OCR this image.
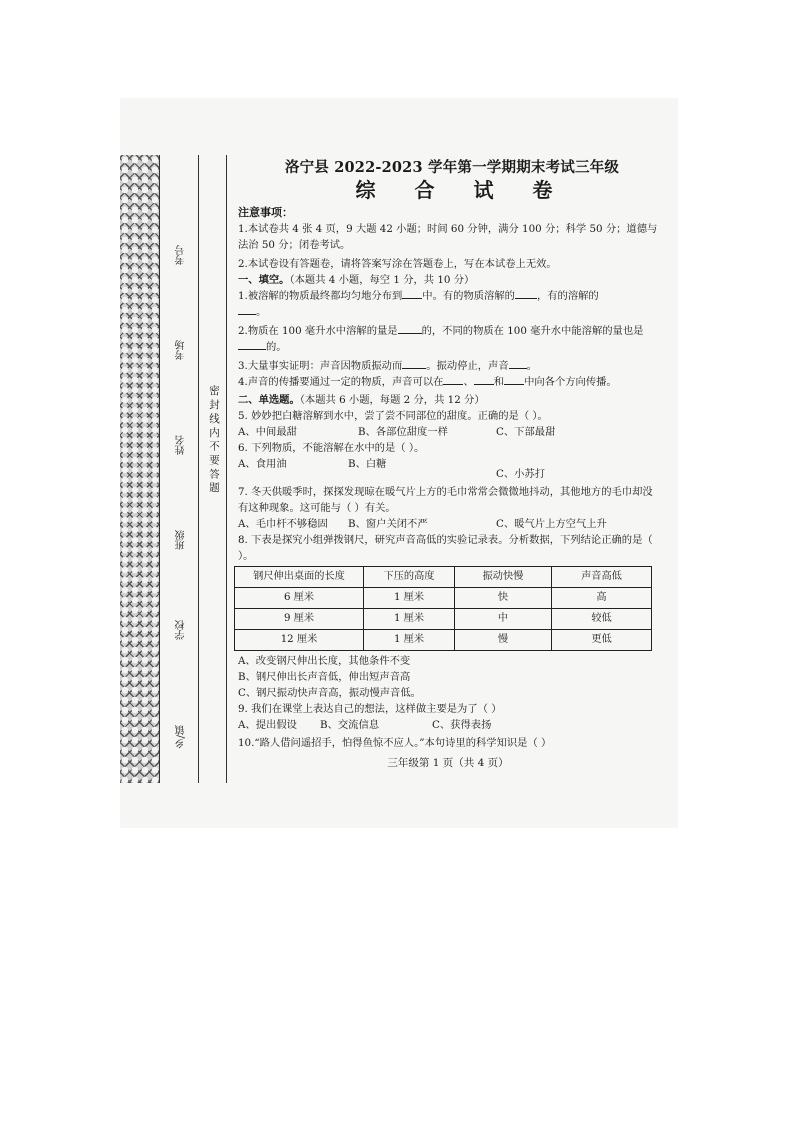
考号
考场
姓名
班级
学校
乡/镇
密 封 线 内 不 要 答 题
洛宁县 2022-2023 学年第一学期期末考试三年级
综 合 试 卷

注意事项：

1.本试卷共 4 张 4 页，9 大题 42 小题；时间 60 分钟，满分 100 分；科学 50 分；道德与法治 50 分；闭卷考试。

2.本试卷设有答题卷，请将答案写涂在答题卷上，写在本试卷上无效。

一、填空。（本题共 4 小题，每空 1 分，共 10 分）

1.被溶解的物质最终都均匀地分布到 中。有的物质溶解的 ，有的溶解的
。

2.物质在 100 毫升水中溶解的量是 的，不同的物质在 100 毫升水中能溶解的量也是的。

3.大量事实证明：声音因物质振动而 。振动停止，声音 。

4.声音的传播要通过一定的物质，声音可以在 、 和 中向各个方向传播。

二、单选题。（本题共 6 小题，每题 2 分，共 12 分）

5. 妙妙把白糖溶解到水中，尝了尝不同部位的甜度。正确的是（ ）。

A、中间最甜	B、各部位甜度一样	C、下部最甜

6. 下列物质，不能溶解在水中的是（ ）。

A、食用油	B、白糖
C、小苏打

7. 冬天供暖季时，探探发现晾在暖气片上方的毛巾常常会微微地抖动，其他地方的毛巾却没有这种现象。这可能与（ ）有关。

A、毛巾杆不够稳固	B、窗户关闭不严	C、暖气片上方空气上升

8. 下表是探究小组弹拨钢尺，研究声音高低的实验记录表。分析数据，下列结论正确的是（ ）。

钢尺伸出桌面的长度	下压的高度	振动快慢	声音高低
6 厘米	1 厘米	快	高
9 厘米	1 厘米	中	较低
12 厘米	1 厘米	慢	更低

A、改变钢尺伸出长度，其他条件不变

B、钢尺伸出长声音低，伸出短声音高

C、钢尺振动快声音高，振动慢声音低。

9. 我们在课堂上表达自己的想法，这样做主要是为了（ ）

A、提出假设	B、交流信息	C、获得表扬

10.“路人借问遥招手，怕得鱼惊不应人。”本句诗里的科学知识是（ ）

三年级第 1 页（共 4 页）
